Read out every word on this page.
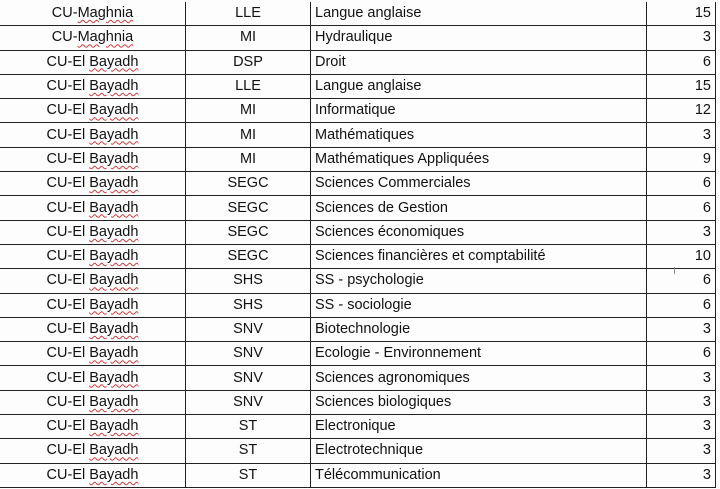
CU-Maghnia	LLE	Langue anglaise	15
CU-Maghnia	MI	Hydraulique	3
CU-El Bayadh	DSP	Droit	6
CU-El Bayadh	LLE	Langue anglaise	15
CU-El Bayadh	MI	Informatique	12
CU-El Bayadh	MI	Mathématiques	3
CU-El Bayadh	MI	Mathématiques Appliquées	9
CU-El Bayadh	SEGC	Sciences Commerciales	6
CU-El Bayadh	SEGC	Sciences de Gestion	6
CU-El Bayadh	SEGC	Sciences économiques	3
CU-El Bayadh	SEGC	Sciences financières et comptabilité	10
CU-El Bayadh	SHS	SS - psychologie	6
CU-El Bayadh	SHS	SS - sociologie	6
CU-El Bayadh	SNV	Biotechnologie	3
CU-El Bayadh	SNV	Ecologie - Environnement	6
CU-El Bayadh	SNV	Sciences agronomiques	3
CU-El Bayadh	SNV	Sciences biologiques	3
CU-El Bayadh	ST	Electronique	3
CU-El Bayadh	ST	Electrotechnique	3
CU-El Bayadh	ST	Télécommunication	3
I
